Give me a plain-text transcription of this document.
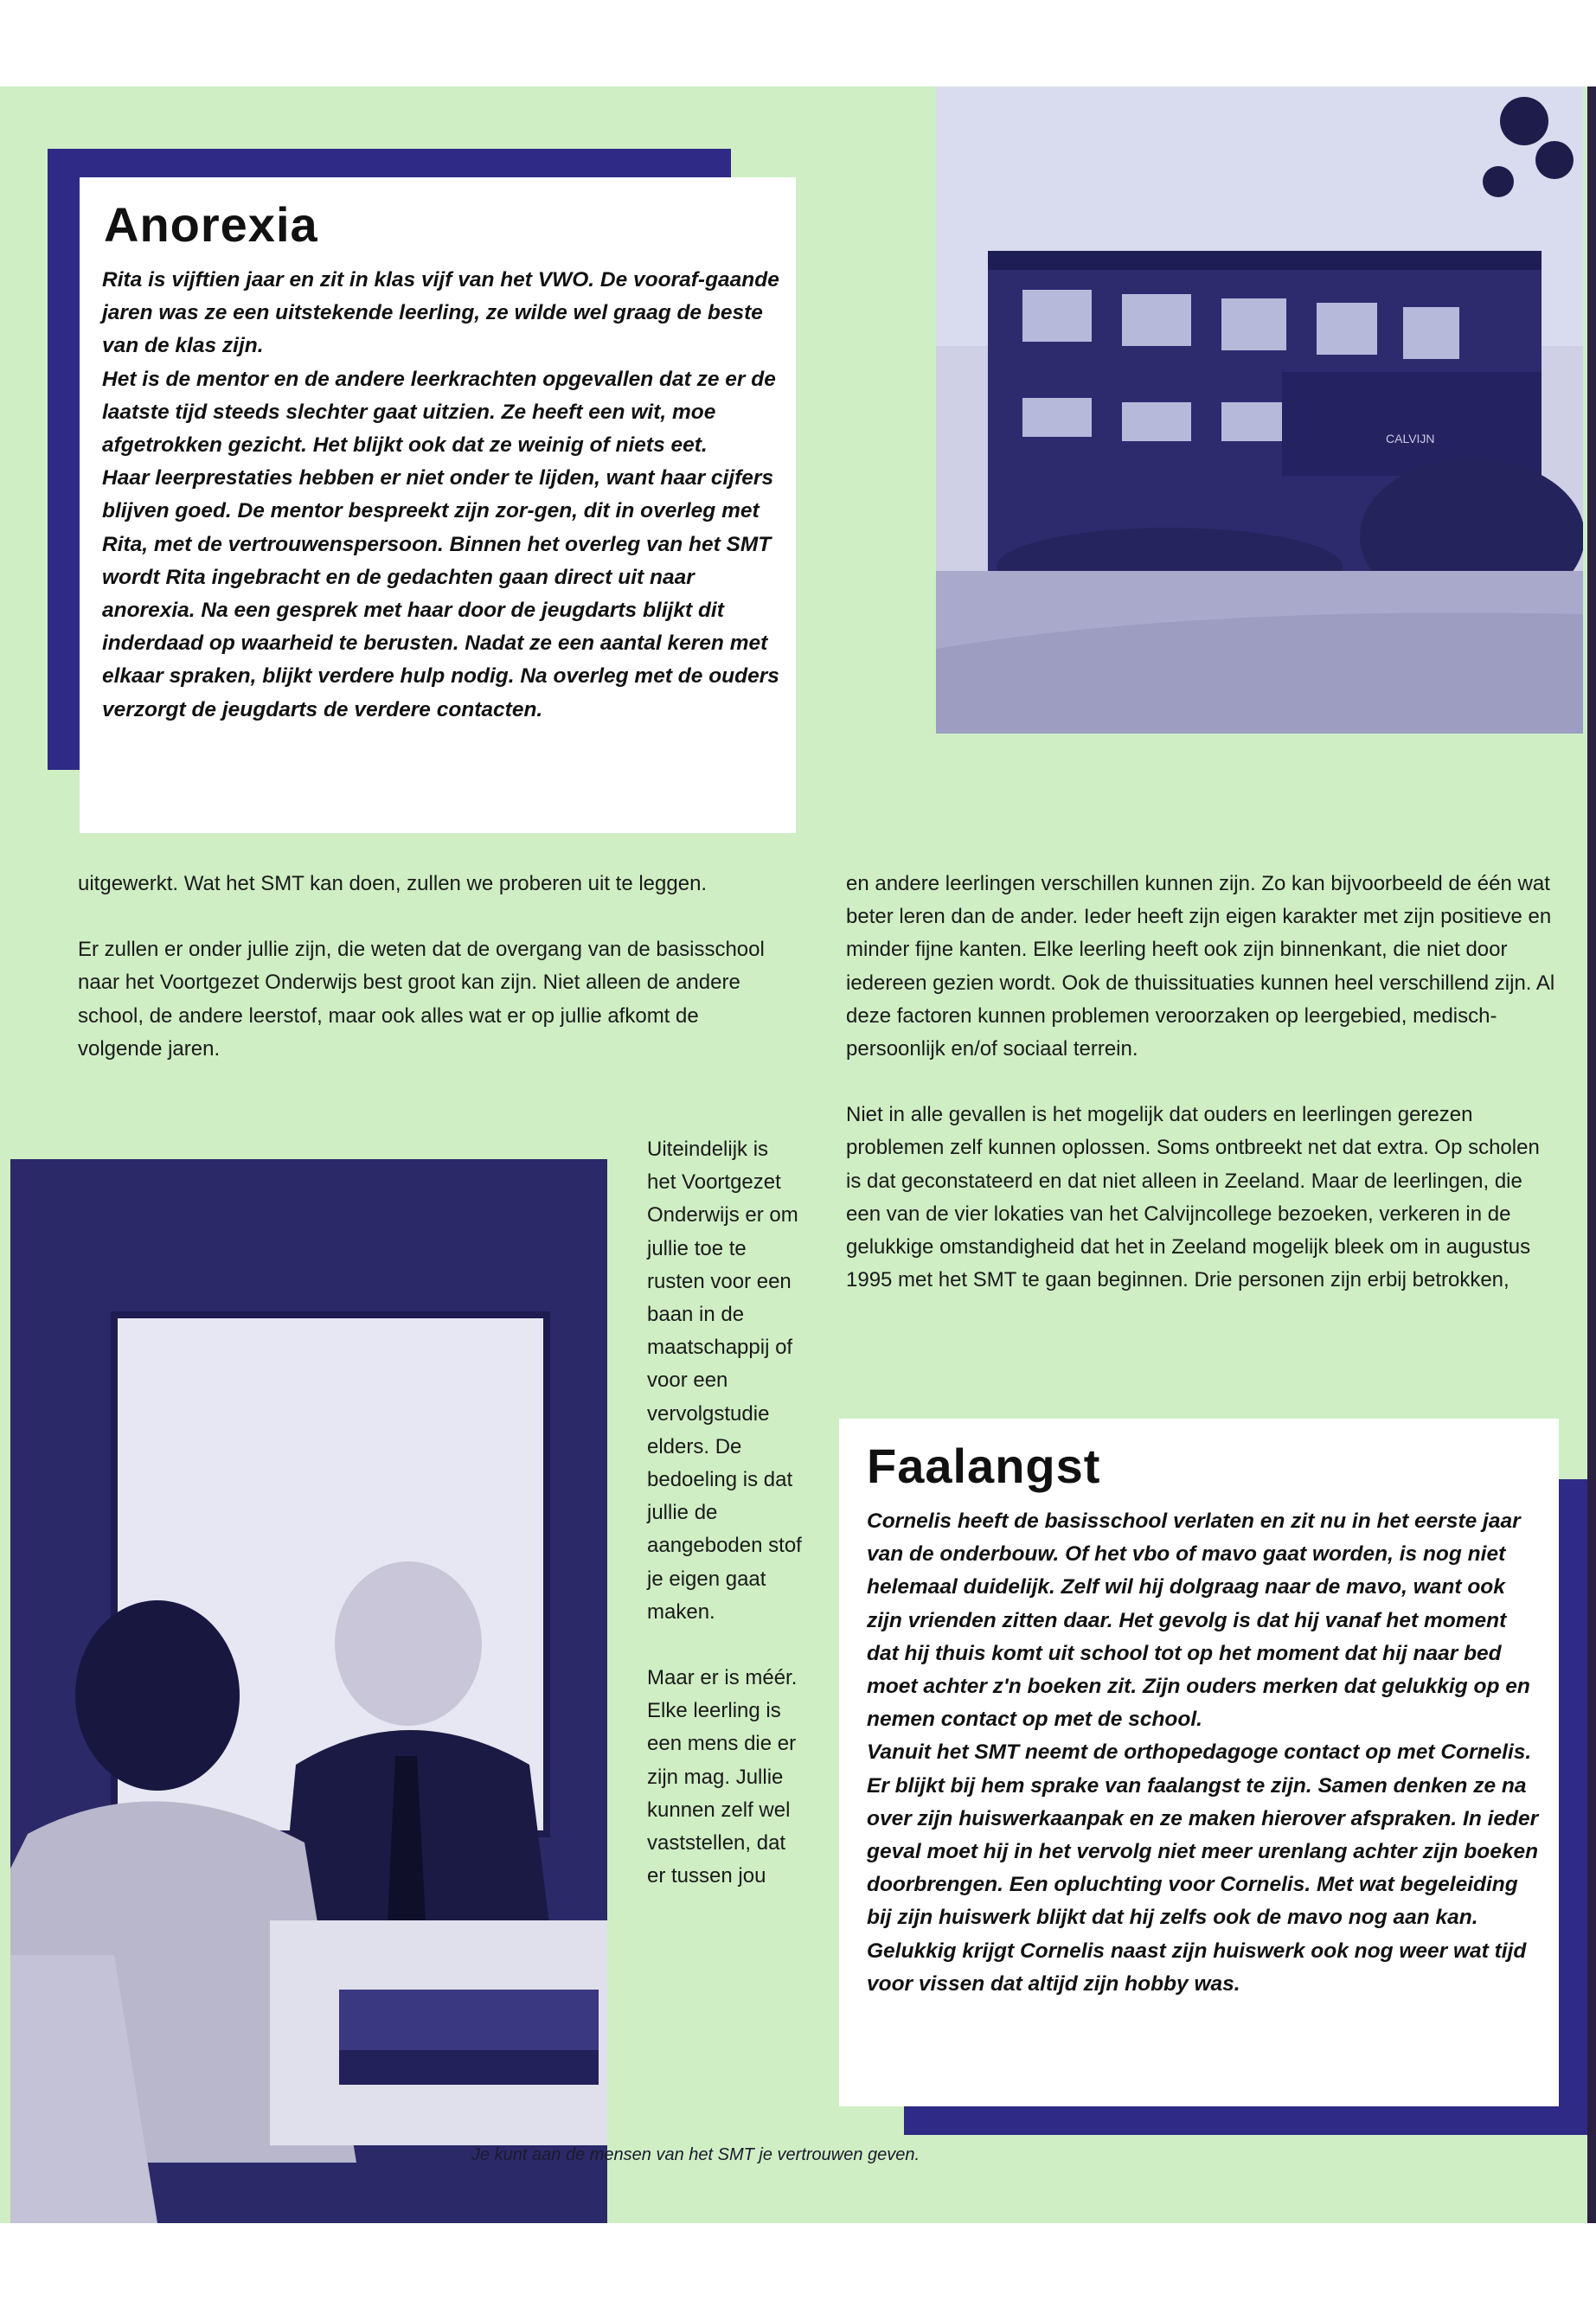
Anorexia

Rita is vijftien jaar en zit in klas vijf van het VWO. De vooraf-gaande jaren was ze een uitstekende leerling, ze wilde wel graag de beste van de klas zijn.

Het is de mentor en de andere leerkrachten opgevallen dat ze er de laatste tijd steeds slechter gaat uitzien. Ze heeft een wit, moe afgetrokken gezicht. Het blijkt ook dat ze weinig of niets eet.

Haar leerprestaties hebben er niet onder te lijden, want haar cijfers blijven goed. De mentor bespreekt zijn zor-gen, dit in overleg met Rita, met de vertrouwenspersoon. Binnen het overleg van het SMT wordt Rita ingebracht en de gedachten gaan direct uit naar anorexia. Na een gesprek met haar door de jeugdarts blijkt dit inderdaad op waarheid te berusten. Nadat ze een aantal keren met elkaar spraken, blijkt verdere hulp nodig. Na overleg met de ouders verzorgt de jeugdarts de verdere contacten.

CALVIJN

uitgewerkt. Wat het SMT kan doen, zullen we proberen uit te leggen.

Er zullen er onder jullie zijn, die weten dat de overgang van de basisschool naar het Voortgezet Onderwijs best groot kan zijn. Niet alleen de andere school, de andere leerstof, maar ook alles wat er op jullie afkomt de volgende jaren.

en andere leerlingen verschillen kunnen zijn. Zo kan bijvoorbeeld de één wat beter leren dan de ander. Ieder heeft zijn eigen karakter met zijn positieve en minder fijne kanten. Elke leerling heeft ook zijn binnenkant, die niet door iedereen gezien wordt. Ook de thuissituaties kunnen heel verschillend zijn. Al deze factoren kunnen problemen veroorzaken op leergebied, medisch-persoonlijk en/of sociaal terrein.

Niet in alle gevallen is het mogelijk dat ouders en leerlingen gerezen problemen zelf kunnen oplossen. Soms ontbreekt net dat extra. Op scholen is dat geconstateerd en dat niet alleen in Zeeland. Maar de leerlingen, die een van de vier lokaties van het Calvijncollege bezoeken, verkeren in de gelukkige omstandigheid dat het in Zeeland mogelijk bleek om in augustus 1995 met het SMT te gaan beginnen. Drie personen zijn erbij betrokken,

Uiteindelijk is het Voortgezet Onderwijs er om jullie toe te rusten voor een baan in de maatschappij of voor een vervolgstudie elders. De bedoeling is dat jullie de aangeboden stof je eigen gaat maken.

Maar er is méér. Elke leerling is een mens die er zijn mag. Jullie kunnen zelf wel vaststellen, dat er tussen jou

Faalangst

Cornelis heeft de basisschool verlaten en zit nu in het eerste jaar van de onderbouw. Of het vbo of mavo gaat worden, is nog niet helemaal duidelijk. Zelf wil hij dolgraag naar de mavo, want ook zijn vrienden zitten daar. Het gevolg is dat hij vanaf het moment dat hij thuis komt uit school tot op het moment dat hij naar bed moet achter z'n boeken zit. Zijn ouders merken dat gelukkig op en nemen contact op met de school.

Vanuit het SMT neemt de orthopedagoge contact op met Cornelis. Er blijkt bij hem sprake van faalangst te zijn. Samen denken ze na over zijn huiswerkaanpak en ze maken hierover afspraken. In ieder geval moet hij in het vervolg niet meer urenlang achter zijn boeken doorbrengen. Een opluchting voor Cornelis. Met wat begeleiding bij zijn huiswerk blijkt dat hij zelfs ook de mavo nog aan kan. Gelukkig krijgt Cornelis naast zijn huiswerk ook nog weer wat tijd voor vissen dat altijd zijn hobby was.

Je kunt aan de mensen van het SMT je vertrouwen geven.
